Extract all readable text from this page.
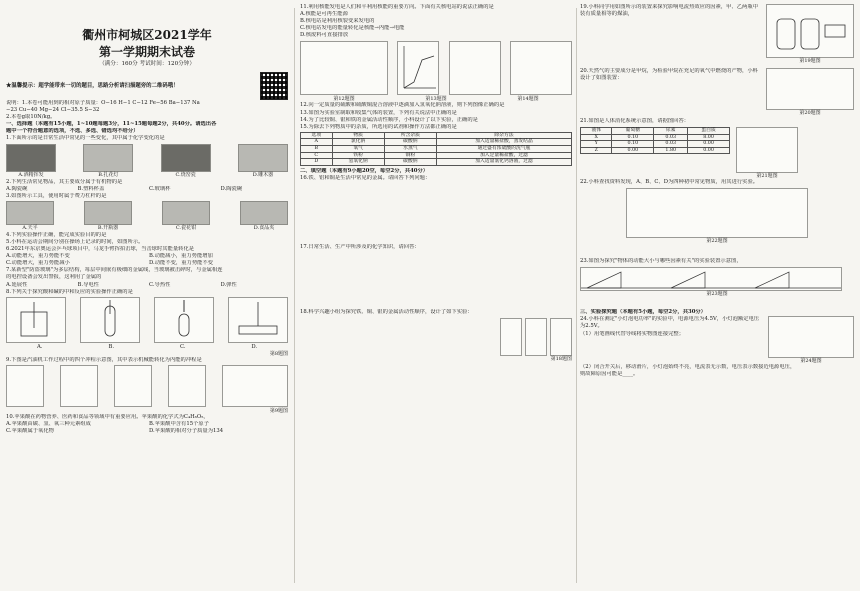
衢州市柯城区2021学年
第一学期期末试卷
（满分：160分 考试时间：120分钟）
★温馨提示：超学能带来一切的题目，思路分析请扫描题旁的二维码哦！
说明：1.本卷可能用到的相对原子质量：O−16 H−1 C−12 Fe−56 Ba−137 Na
−23 Cu−40 Mg−24 Cl−35.5 S−32
2.本卷g取10N/kg。
一、选择题（本题有15小题，1~10题每题3分，11~15题每题2分，共40分。请选出各
题中一个符合题意的选项，不选、多选、错选均不给分）
1.下面所示的是日常生活中常见的一些变化，其中属于化学变化的是
A.酒精挥发	B.扎花灯	C.烧窑瓷	D.雕木器
2.下列生活常见物品，其主要成分属于有机物的是
A.陶瓷碗	B.塑料杯盖	C.玻璃杯	D.陶瓷碗
3.如图所示工具，使用时属于费力杠杆的是
A.天平	B.开瓶器	C.瓷花钳	D.食品夹
4.下列实验操作正确，能完成实验目的的是
5.小科在运动会期间分别在操场上记录的时间，如图所示。
6.2021年东京奥运会乒乓球项目中，马龙手臂挥拍击球，当击球时其能量转化是
A.动能增大，重力势能不变	B.动能减小，重力势能增加
C.动能增大，重力势能减小	D.动能不变，重力势能不变
7.某新型"防盗玻璃"为多层结构，每层中间嵌有极细的金属线，当玻璃被击碎时，与金属相连
的电控设备会发出警报，这利用了金属的
A.延展性	B.导电性	C.导热性	D.弹性
8.下列关于探究酸和碱的中和反应的实验操作正确的是
A.	B.	C.	D.
第8题图
9.下图是汽油机工作过程中的四个冲程示意图，其中表示机械能转化为内能的冲程是
第9题图
10.苹果酸在药物营养、医药和食品等领域中有重要应用。苹果酸的化学式为C₄H₆O₅，
A.苹果酸由碳、氢、氧三种元素组成	B.苹果酸中含有15个原子
C.苹果酸属于氧化物	D.苹果酸的相对分子质量为134
11.利用核能发电是人们和平利用核能的重要方向。下面有关核电站的说法正确的是
A.核能是可再生能源
B.核电站是利用核裂变来发电的
C.核电站发电的能量转化是核能→内能→电能
D.核废料可直接排放
第12题图	第13题图	第14题图
12.向一定质量的硫酸和硫酸铜混合溶液中逐滴加入氢氧化钠溶液，则下列图像正确的是
13.如图为实验室制取和收集气体的装置，下列有关说法中正确的是
14.为了比较铜、银和铁的金属活动性顺序，小科设计了以下实验，正确的是
15.为除去下列物质中的杂质，所选用的试剂和操作方法都正确的是
选项	物质	所含杂质	除杂方法
A	氯化钠	碳酸钠	加入适量稀盐酸，蒸发结晶
B	氧气	水蒸气	通过盛有浓硫酸的洗气瓶
C	铁粉	铜粉	加入足量稀盐酸，过滤
D	氢氧化钠	碳酸钠	加入适量氯化钙溶液，过滤
二、填空题（本题有9小题20空，每空2分，共40分）
16.铁、铝和铜是生活中常见的金属。请回答下列问题：
17.日常生活、生产中所涉及的化学知识，请回答：
18.科学兴趣小组为探究铁、铜、银的金属活动性顺序，设计了如下实验：
第18题图
19.小科同学用如图所示的装置来探究影响电流热效应的因素，甲、乙两瓶中装有质量相等的煤油，
第19题图
20.天然气的主要成分是甲烷，为检验甲烷在充足的氧气中燃烧的产物，小科设计了如图装置：
第20题图
21.如图是人体消化系统示意图，请据图回答：
液体	葡萄糖	尿素	蛋白质
X	0.10	0.03	8.00
Y	0.10	0.03	0.00
Z	0.00	1.80	0.00
第21题图
22.小科查找资料发现，A、B、C、D为四种初中常见物质，用其进行实验。
第22题图
23.如图为探究"物体的动能大小与哪些因素有关"的实验装置示意图，
第23题图
三、实验探究题（本题有5小题，每空2分，共30分）
24.小科在测定"小灯泡电功率"的实验中，电源电压为4.5V，小灯泡额定电压为2.5V。
（1）用笔画线代替导线将实物图连接完整；
第24题图
（2）闭合开关后，移动滑片，小灯泡始终不亮，电流表无示数，电压表示数接近电源电压，
则故障原因可能是____。
